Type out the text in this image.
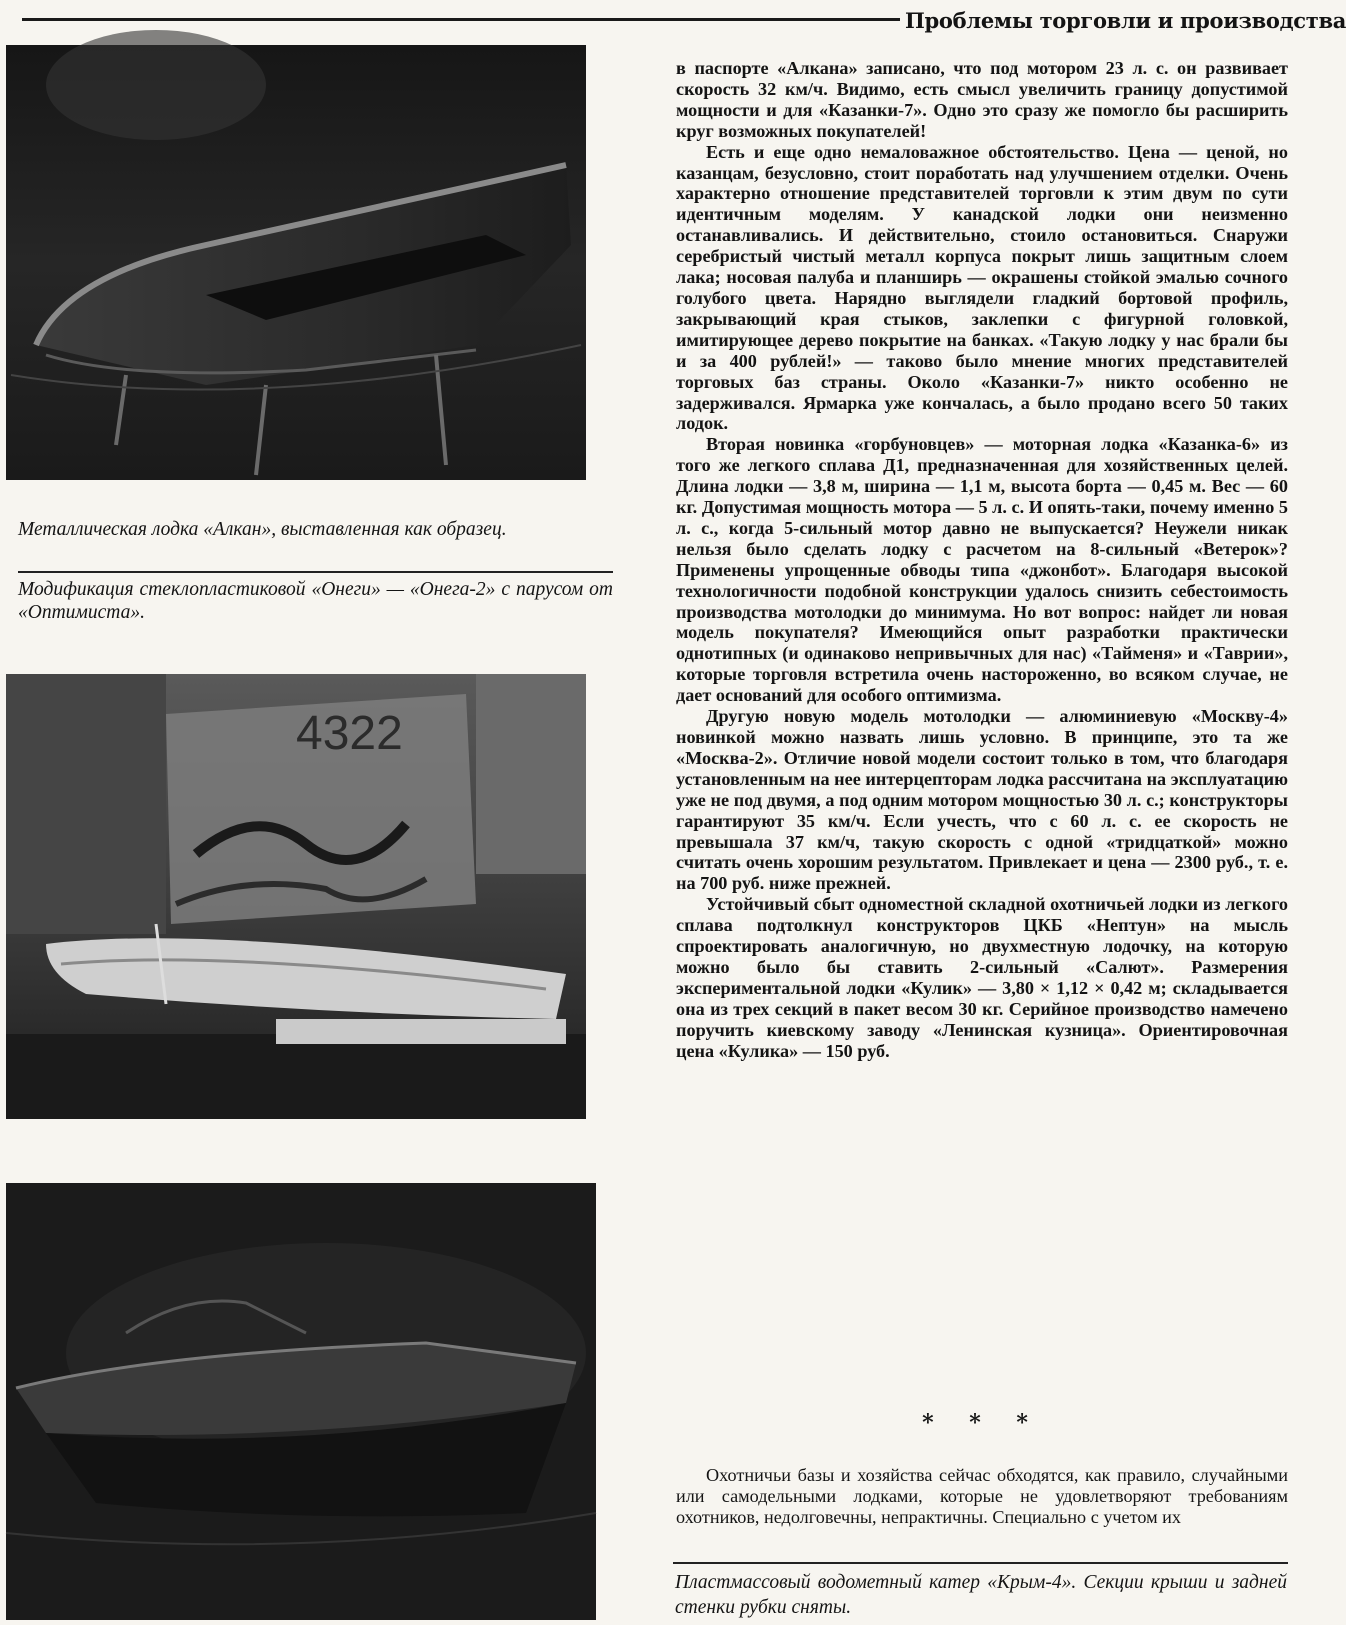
Проблемы торговли и производства
Металлическая лодка «Алкан», выставленная как образец.
Модификация стеклопластиковой «Онеги» — «Онега-2» с парусом от «Оптимиста».
4322

в паспорте «Алкана» записано, что под мотором 23 л. с. он развивает скорость 32 км/ч. Видимо, есть смысл увеличить границу допустимой мощности и для «Казанки-7». Одно это сразу же помогло бы расширить круг возможных покупателей!

Есть и еще одно немаловажное обстоятельство. Цена — ценой, но казанцам, безусловно, стоит поработать над улучшением отделки. Очень характерно отношение представителей торговли к этим двум по сути идентичным моделям. У канадской лодки они неизменно останавливались. И действительно, стоило остановиться. Снаружи серебристый чистый металл корпуса покрыт лишь защитным слоем лака; носовая палуба и планширь — окрашены стойкой эмалью сочного голубого цвета. Нарядно выглядели гладкий бортовой профиль, закрывающий края стыков, заклепки с фигурной головкой, имитирующее дерево покрытие на банках. «Такую лодку у нас брали бы и за 400 рублей!» — таково было мнение многих представителей торговых баз страны. Около «Казанки-7» никто особенно не задерживался. Ярмарка уже кончалась, а было продано всего 50 таких лодок.

Вторая новинка «горбуновцев» — моторная лодка «Казанка-6» из того же легкого сплава Д1, предназначенная для хозяйственных целей. Длина лодки — 3,8 м, ширина — 1,1 м, высота борта — 0,45 м. Вес — 60 кг. Допустимая мощность мотора — 5 л. с. И опять-таки, почему именно 5 л. с., когда 5-сильный мотор давно не выпускается? Неужели никак нельзя было сделать лодку с расчетом на 8-сильный «Ветерок»? Применены упрощенные обводы типа «джонбот». Благодаря высокой технологичности подобной конструкции удалось снизить себестоимость производства мотолодки до минимума. Но вот вопрос: найдет ли новая модель покупателя? Имеющийся опыт разработки практически однотипных (и одинаково непривычных для нас) «Тайменя» и «Таврии», которые торговля встретила очень настороженно, во всяком случае, не дает оснований для особого оптимизма.

Другую новую модель мотолодки — алюминиевую «Москву-4» новинкой можно назвать лишь условно. В принципе, это та же «Москва-2». Отличие новой модели состоит только в том, что благодаря установленным на нее интерцепторам лодка рассчитана на эксплуатацию уже не под двумя, а под одним мотором мощностью 30 л. с.; конструкторы гарантируют 35 км/ч. Если учесть, что с 60 л. с. ее скорость не превышала 37 км/ч, такую скорость с одной «тридцаткой» можно считать очень хорошим результатом. Привлекает и цена — 2300 руб., т. е. на 700 руб. ниже прежней.

Устойчивый сбыт одноместной складной охотничьей лодки из легкого сплава подтолкнул конструкторов ЦКБ «Нептун» на мысль спроектировать аналогичную, но двухместную лодочку, на которую можно было бы ставить 2-сильный «Салют». Размерения экспериментальной лодки «Кулик» — 3,80 × 1,12 × 0,42 м; складывается она из трех секций в пакет весом 30 кг. Серийное производство намечено поручить киевскому заводу «Ленинская кузница». Ориентировочная цена «Кулика» — 150 руб.

* * *

Охотничьи базы и хозяйства сейчас обходятся, как правило, случайными или самодельными лодками, которые не удовлетворяют требованиям охотников, недолговечны, непрактичны. Специально с учетом их

Пластмассовый водометный катер «Крым-4». Секции крыши и задней стенки рубки сняты.
